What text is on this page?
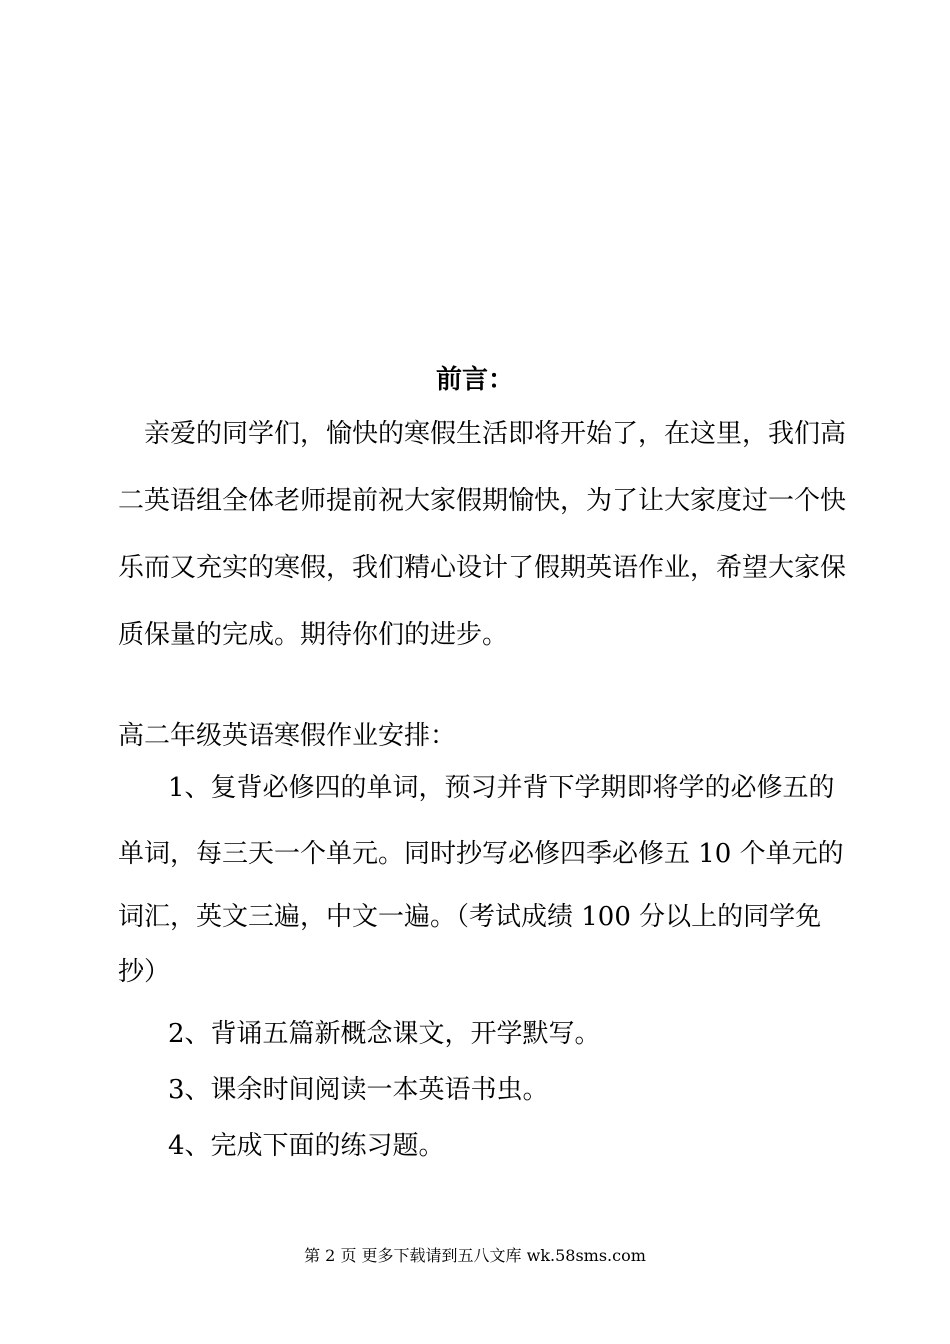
前言：
亲爱的同学们，愉快的寒假生活即将开始了，在这里，我们高
二英语组全体老师提前祝大家假期愉快，为了让大家度过一个快
乐而又充实的寒假，我们精心设计了假期英语作业，希望大家保
质保量的完成。期待你们的进步。
高二年级英语寒假作业安排：
1、复背必修四的单词，预习并背下学期即将学的必修五的
单词，每三天一个单元。同时抄写必修四季必修五 10 个单元的
词汇，英文三遍，中文一遍。（考试成绩 100 分以上的同学免
抄）
2、背诵五篇新概念课文，开学默写。
3、课余时间阅读一本英语书虫。
4、完成下面的练习题。
第 2 页 更多下载请到五八文库 wk.58sms.com
